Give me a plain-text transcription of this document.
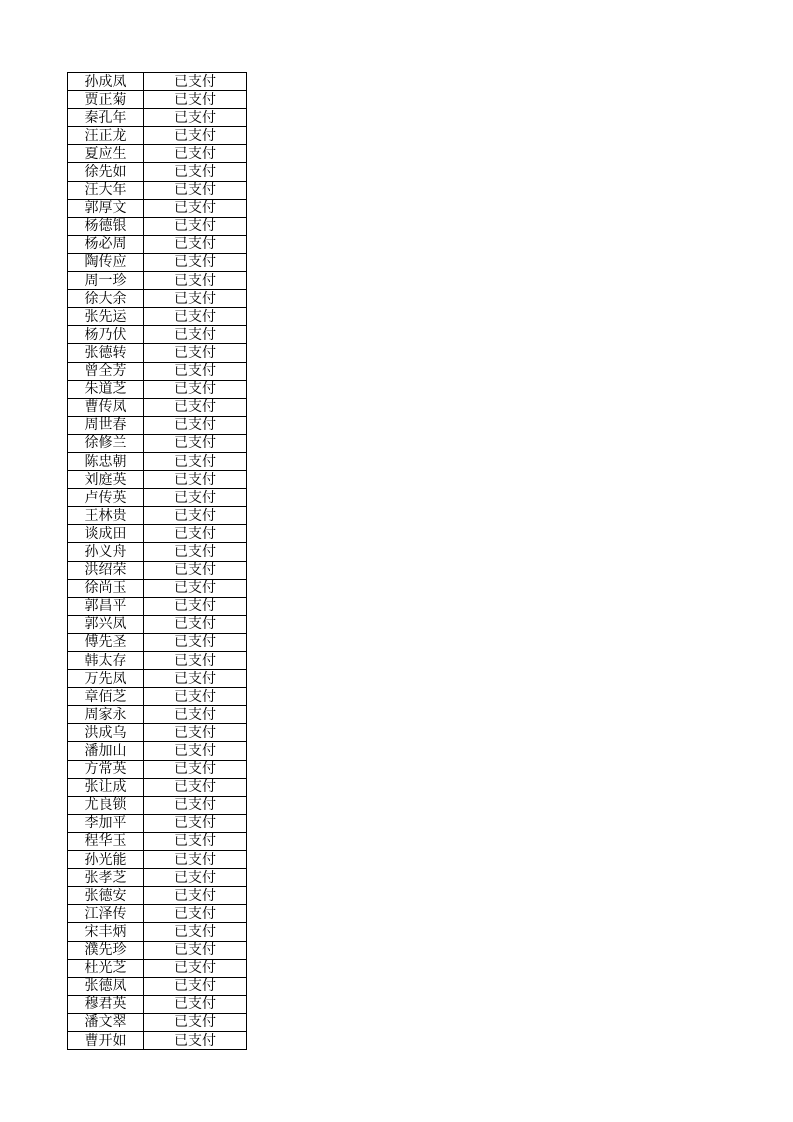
孙成凤	已支付
贾正菊	已支付
秦孔年	已支付
汪正龙	已支付
夏应生	已支付
徐先如	已支付
汪大年	已支付
郭厚文	已支付
杨德银	已支付
杨必周	已支付
陶传应	已支付
周一珍	已支付
徐大余	已支付
张先运	已支付
杨乃伏	已支付
张德转	已支付
曾全芳	已支付
朱道芝	已支付
曹传凤	已支付
周世春	已支付
徐修兰	已支付
陈忠朝	已支付
刘庭英	已支付
卢传英	已支付
王林贵	已支付
谈成田	已支付
孙义舟	已支付
洪绍荣	已支付
徐尚玉	已支付
郭昌平	已支付
郭兴凤	已支付
傅先圣	已支付
韩太存	已支付
万先凤	已支付
章佰芝	已支付
周家永	已支付
洪成乌	已支付
潘加山	已支付
方常英	已支付
张让成	已支付
尤良锁	已支付
李加平	已支付
程华玉	已支付
孙光能	已支付
张孝芝	已支付
张德安	已支付
江泽传	已支付
宋丰炳	已支付
濮先珍	已支付
杜光芝	已支付
张德凤	已支付
穆君英	已支付
潘文翠	已支付
曹开如	已支付
